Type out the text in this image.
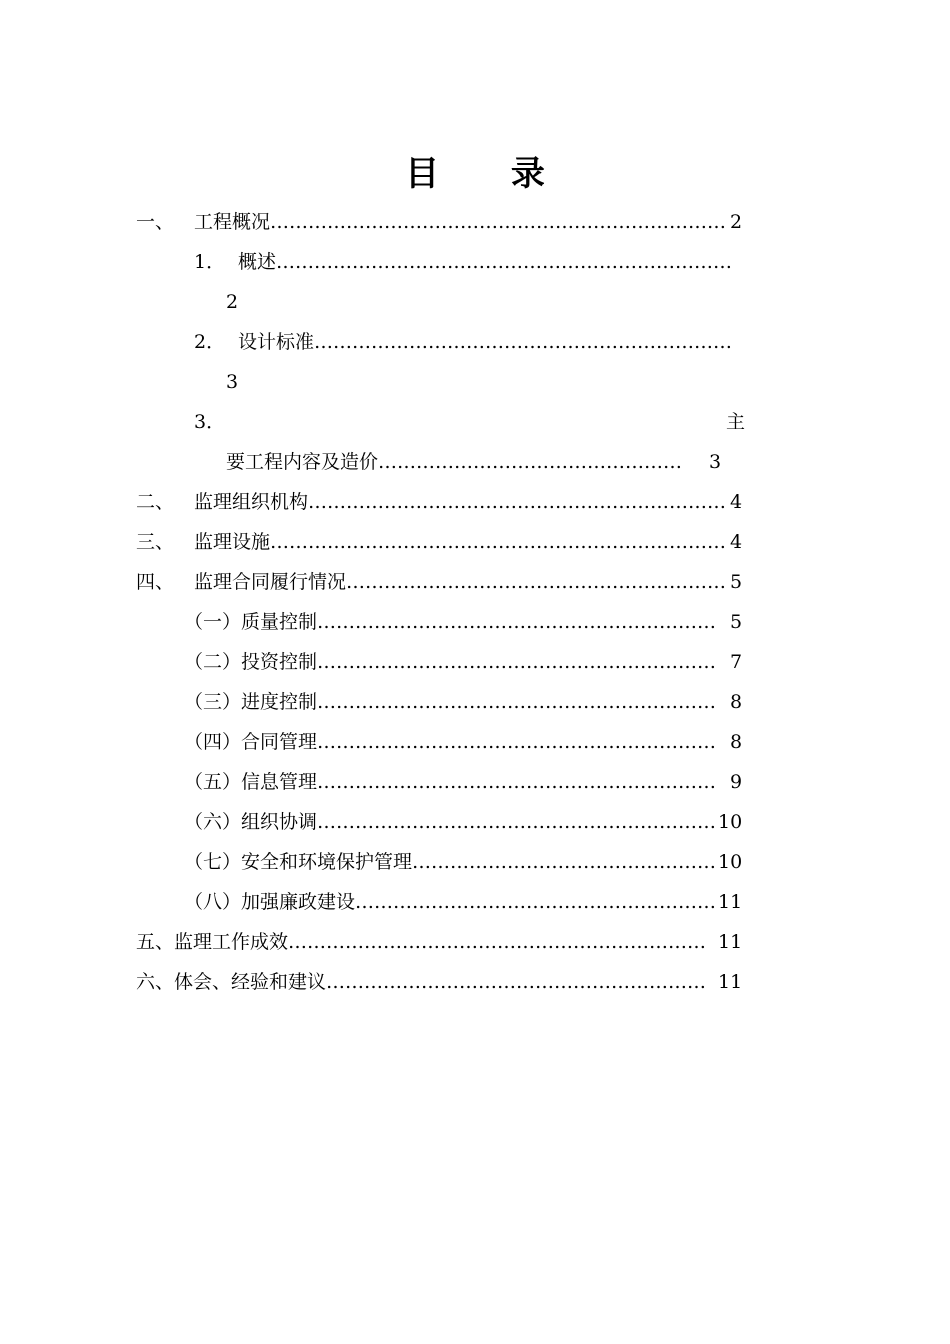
目 录
一、 工程概况……………………………………………………………… 2
1． 概述………………………………………………………………
2
2． 设计标准…………………………………………………………
3
3．	主
要工程内容及造价………………………………………… 3
二、 监理组织机构………………………………………………………… 4
三、 监理设施……………………………………………………………… 4
四、 监理合同履行情况…………………………………………………… 5
（一）质量控制……………………………………………………… 5
（二）投资控制……………………………………………………… 7
（三）进度控制……………………………………………………… 8
（四）合同管理……………………………………………………… 8
（五）信息管理……………………………………………………… 9
（六）组织协调……………………………………………………… 10
（七）安全和环境保护管理………………………………………… 10
（八）加强廉政建设………………………………………………… 11
五、监理工作成效………………………………………………………… 11
六、体会、经验和建议…………………………………………………… 11
